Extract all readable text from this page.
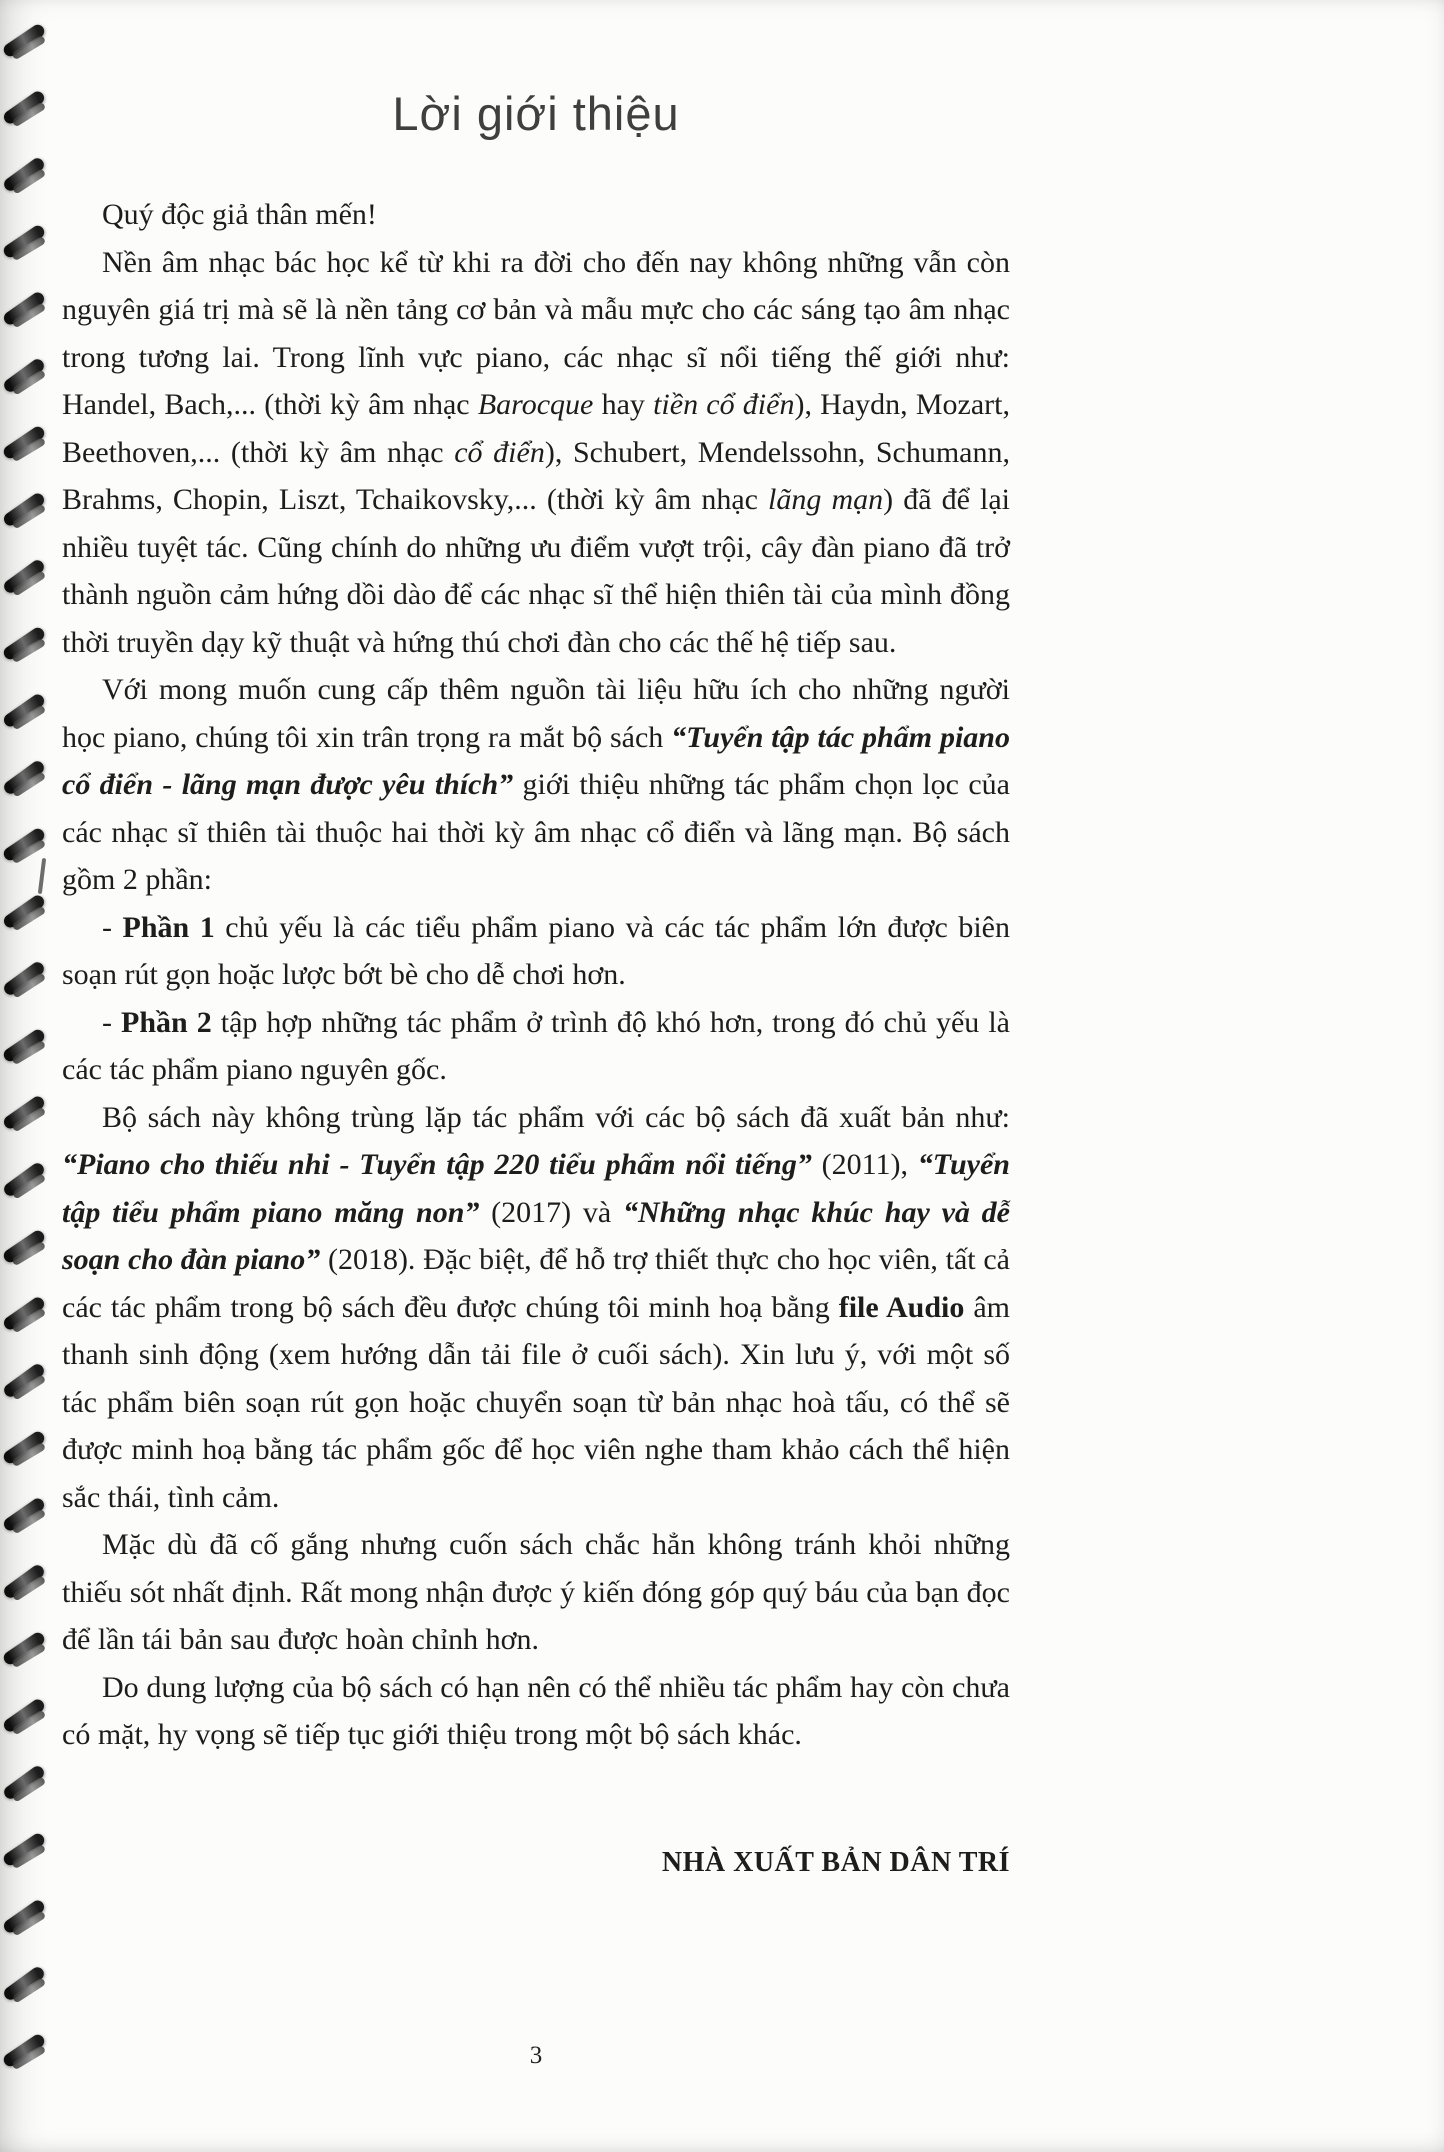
Lời giới thiệu

Quý độc giả thân mến!

Nền âm nhạc bác học kể từ khi ra đời cho đến nay không những vẫn còn nguyên giá trị mà sẽ là nền tảng cơ bản và mẫu mực cho các sáng tạo âm nhạc trong tương lai. Trong lĩnh vực piano, các nhạc sĩ nổi tiếng thế giới như: Handel, Bach,... (thời kỳ âm nhạc Barocque hay tiền cổ điển), Haydn, Mozart, Beethoven,... (thời kỳ âm nhạc cổ điển), Schubert, Mendelssohn, Schumann, Brahms, Chopin, Liszt, Tchaikovsky,... (thời kỳ âm nhạc lãng mạn) đã để lại nhiều tuyệt tác. Cũng chính do những ưu điểm vượt trội, cây đàn piano đã trở thành nguồn cảm hứng dồi dào để các nhạc sĩ thể hiện thiên tài của mình đồng thời truyền dạy kỹ thuật và hứng thú chơi đàn cho các thế hệ tiếp sau.

Với mong muốn cung cấp thêm nguồn tài liệu hữu ích cho những người học piano, chúng tôi xin trân trọng ra mắt bộ sách “Tuyển tập tác phẩm piano cổ điển - lãng mạn được yêu thích” giới thiệu những tác phẩm chọn lọc của các nhạc sĩ thiên tài thuộc hai thời kỳ âm nhạc cổ điển và lãng mạn. Bộ sách gồm 2 phần:

- Phần 1 chủ yếu là các tiểu phẩm piano và các tác phẩm lớn được biên soạn rút gọn hoặc lược bớt bè cho dễ chơi hơn.

- Phần 2 tập hợp những tác phẩm ở trình độ khó hơn, trong đó chủ yếu là các tác phẩm piano nguyên gốc.

Bộ sách này không trùng lặp tác phẩm với các bộ sách đã xuất bản như: “Piano cho thiếu nhi - Tuyển tập 220 tiểu phẩm nổi tiếng” (2011), “Tuyển tập tiểu phẩm piano măng non” (2017) và “Những nhạc khúc hay và dễ soạn cho đàn piano” (2018). Đặc biệt, để hỗ trợ thiết thực cho học viên, tất cả các tác phẩm trong bộ sách đều được chúng tôi minh hoạ bằng file Audio âm thanh sinh động (xem hướng dẫn tải file ở cuối sách). Xin lưu ý, với một số tác phẩm biên soạn rút gọn hoặc chuyển soạn từ bản nhạc hoà tấu, có thể sẽ được minh hoạ bằng tác phẩm gốc để học viên nghe tham khảo cách thể hiện sắc thái, tình cảm.

Mặc dù đã cố gắng nhưng cuốn sách chắc hẳn không tránh khỏi những thiếu sót nhất định. Rất mong nhận được ý kiến đóng góp quý báu của bạn đọc để lần tái bản sau được hoàn chỉnh hơn.

Do dung lượng của bộ sách có hạn nên có thể nhiều tác phẩm hay còn chưa có mặt, hy vọng sẽ tiếp tục giới thiệu trong một bộ sách khác.

NHÀ XUẤT BẢN DÂN TRÍ
3
